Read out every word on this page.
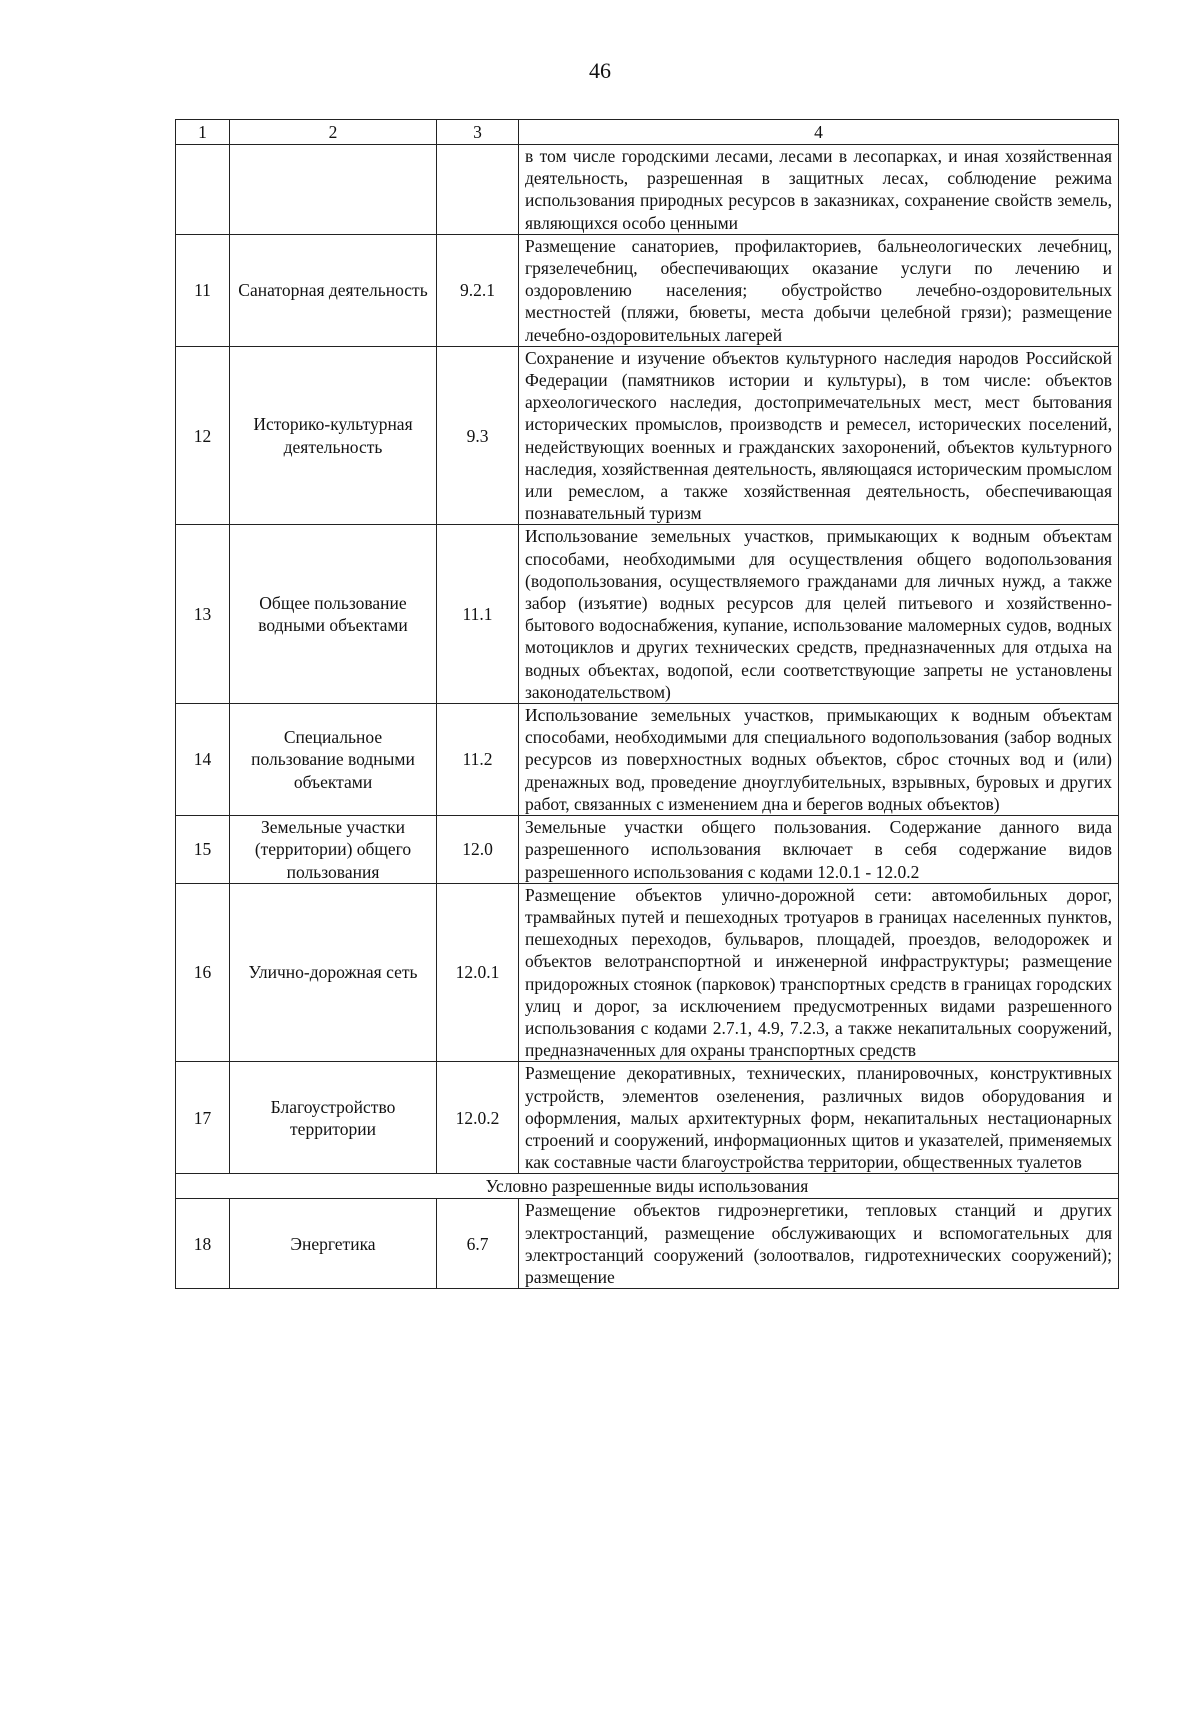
46
1	2	3	4
			в том числе городскими лесами, лесами в лесопарках, и иная хозяйственная деятельность, разрешенная в защитных лесах, соблюдение режима использования природных ресурсов в заказниках, сохранение свойств земель, являющихся особо ценными
11	Санаторная деятельность	9.2.1	Размещение санаториев, профилакториев, бальнеологических лечебниц, грязелечебниц, обеспечивающих оказание услуги по лечению и оздоровлению населения; обустройство лечебно-оздоровительных местностей (пляжи, бюветы, места добычи целебной грязи); размещение лечебно-оздоровительных лагерей
12	Историко-культурная деятельность	9.3	Сохранение и изучение объектов культурного наследия народов Российской Федерации (памятников истории и культуры), в том числе: объектов археологического наследия, достопримечательных мест, мест бытования исторических промыслов, производств и ремесел, исторических поселений, недействующих военных и гражданских захоронений, объектов культурного наследия, хозяйственная деятельность, являющаяся историческим промыслом или ремеслом, а также хозяйственная деятельность, обеспечивающая познавательный туризм
13	Общее пользование водными объектами	11.1	Использование земельных участков, примыкающих к водным объектам способами, необходимыми для осуществления общего водопользования (водопользования, осуществляемого гражданами для личных нужд, а также забор (изъятие) водных ресурсов для целей питьевого и хозяйственно-бытового водоснабжения, купание, использование маломерных судов, водных мотоциклов и других технических средств, предназначенных для отдыха на водных объектах, водопой, если соответствующие запреты не установлены законодательством)
14	Специальное пользование водными объектами	11.2	Использование земельных участков, примыкающих к водным объектам способами, необходимыми для специального водопользования (забор водных ресурсов из поверхностных водных объектов, сброс сточных вод и (или) дренажных вод, проведение дноуглубительных, взрывных, буровых и других работ, связанных с изменением дна и берегов водных объектов)
15	Земельные участки (территории) общего пользования	12.0	Земельные участки общего пользования. Содержание данного вида разрешенного использования включает в себя содержание видов разрешенного использования с кодами 12.0.1 - 12.0.2
16	Улично-дорожная сеть	12.0.1	Размещение объектов улично-дорожной сети: автомобильных дорог, трамвайных путей и пешеходных тротуаров в границах населенных пунктов, пешеходных переходов, бульваров, площадей, проездов, велодорожек и объектов велотранспортной и инженерной инфраструктуры; размещение придорожных стоянок (парковок) транспортных средств в границах городских улиц и дорог, за исключением предусмотренных видами разрешенного использования с кодами 2.7.1, 4.9, 7.2.3, а также некапитальных сооружений, предназначенных для охраны транспортных средств
17	Благоустройство территории	12.0.2	Размещение декоративных, технических, планировочных, конструктивных устройств, элементов озеленения, различных видов оборудования и оформления, малых архитектурных форм, некапитальных нестационарных строений и сооружений, информационных щитов и указателей, применяемых как составные части благоустройства территории, общественных туалетов
Условно разрешенные виды использования			
18	Энергетика	6.7	Размещение объектов гидроэнергетики, тепловых станций и других электростанций, размещение обслуживающих и вспомогательных для электростанций сооружений (золоотвалов, гидротехнических сооружений); размещение
